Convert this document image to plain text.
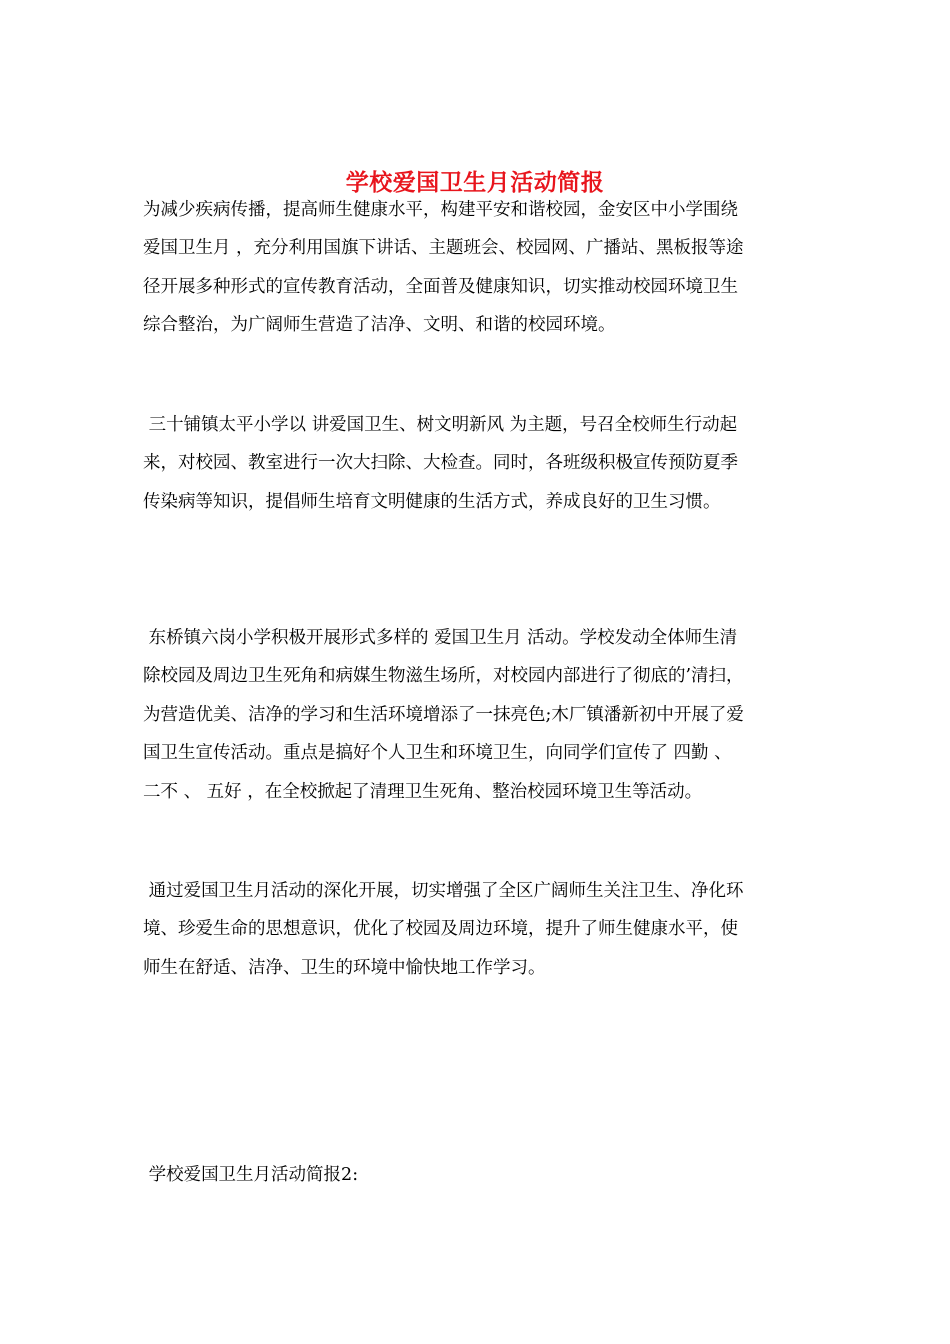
学校爱国卫生月活动简报
为减少疾病传播，提高师生健康水平，构建平安和谐校园，金安区中小学围绕
爱国卫生月 ，充分利用国旗下讲话、主题班会、校园网、广播站、黑板报等途
径开展多种形式的宣传教育活动，全面普及健康知识，切实推动校园环境卫生
综合整治，为广阔师生营造了洁净、文明、和谐的校园环境。
三十铺镇太平小学以 讲爱国卫生、树文明新风 为主题，号召全校师生行动起
来，对校园、教室进行一次大扫除、大检查。同时，各班级积极宣传预防夏季
传染病等知识，提倡师生培育文明健康的生活方式，养成良好的卫生习惯。
东桥镇六岗小学积极开展形式多样的 爱国卫生月 活动。学校发动全体师生清
除校园及周边卫生死角和病媒生物滋生场所，对校园内部进行了彻底的’清扫，
为营造优美、洁净的学习和生活环境增添了一抹亮色;木厂镇潘新初中开展了爱
国卫生宣传活动。重点是搞好个人卫生和环境卫生，向同学们宣传了 四勤 、
二不 、 五好 ，在全校掀起了清理卫生死角、整治校园环境卫生等活动。
通过爱国卫生月活动的深化开展，切实增强了全区广阔师生关注卫生、净化环
境、珍爱生命的思想意识，优化了校园及周边环境，提升了师生健康水平，使
师生在舒适、洁净、卫生的环境中愉快地工作学习。
学校爱国卫生月活动简报2:
